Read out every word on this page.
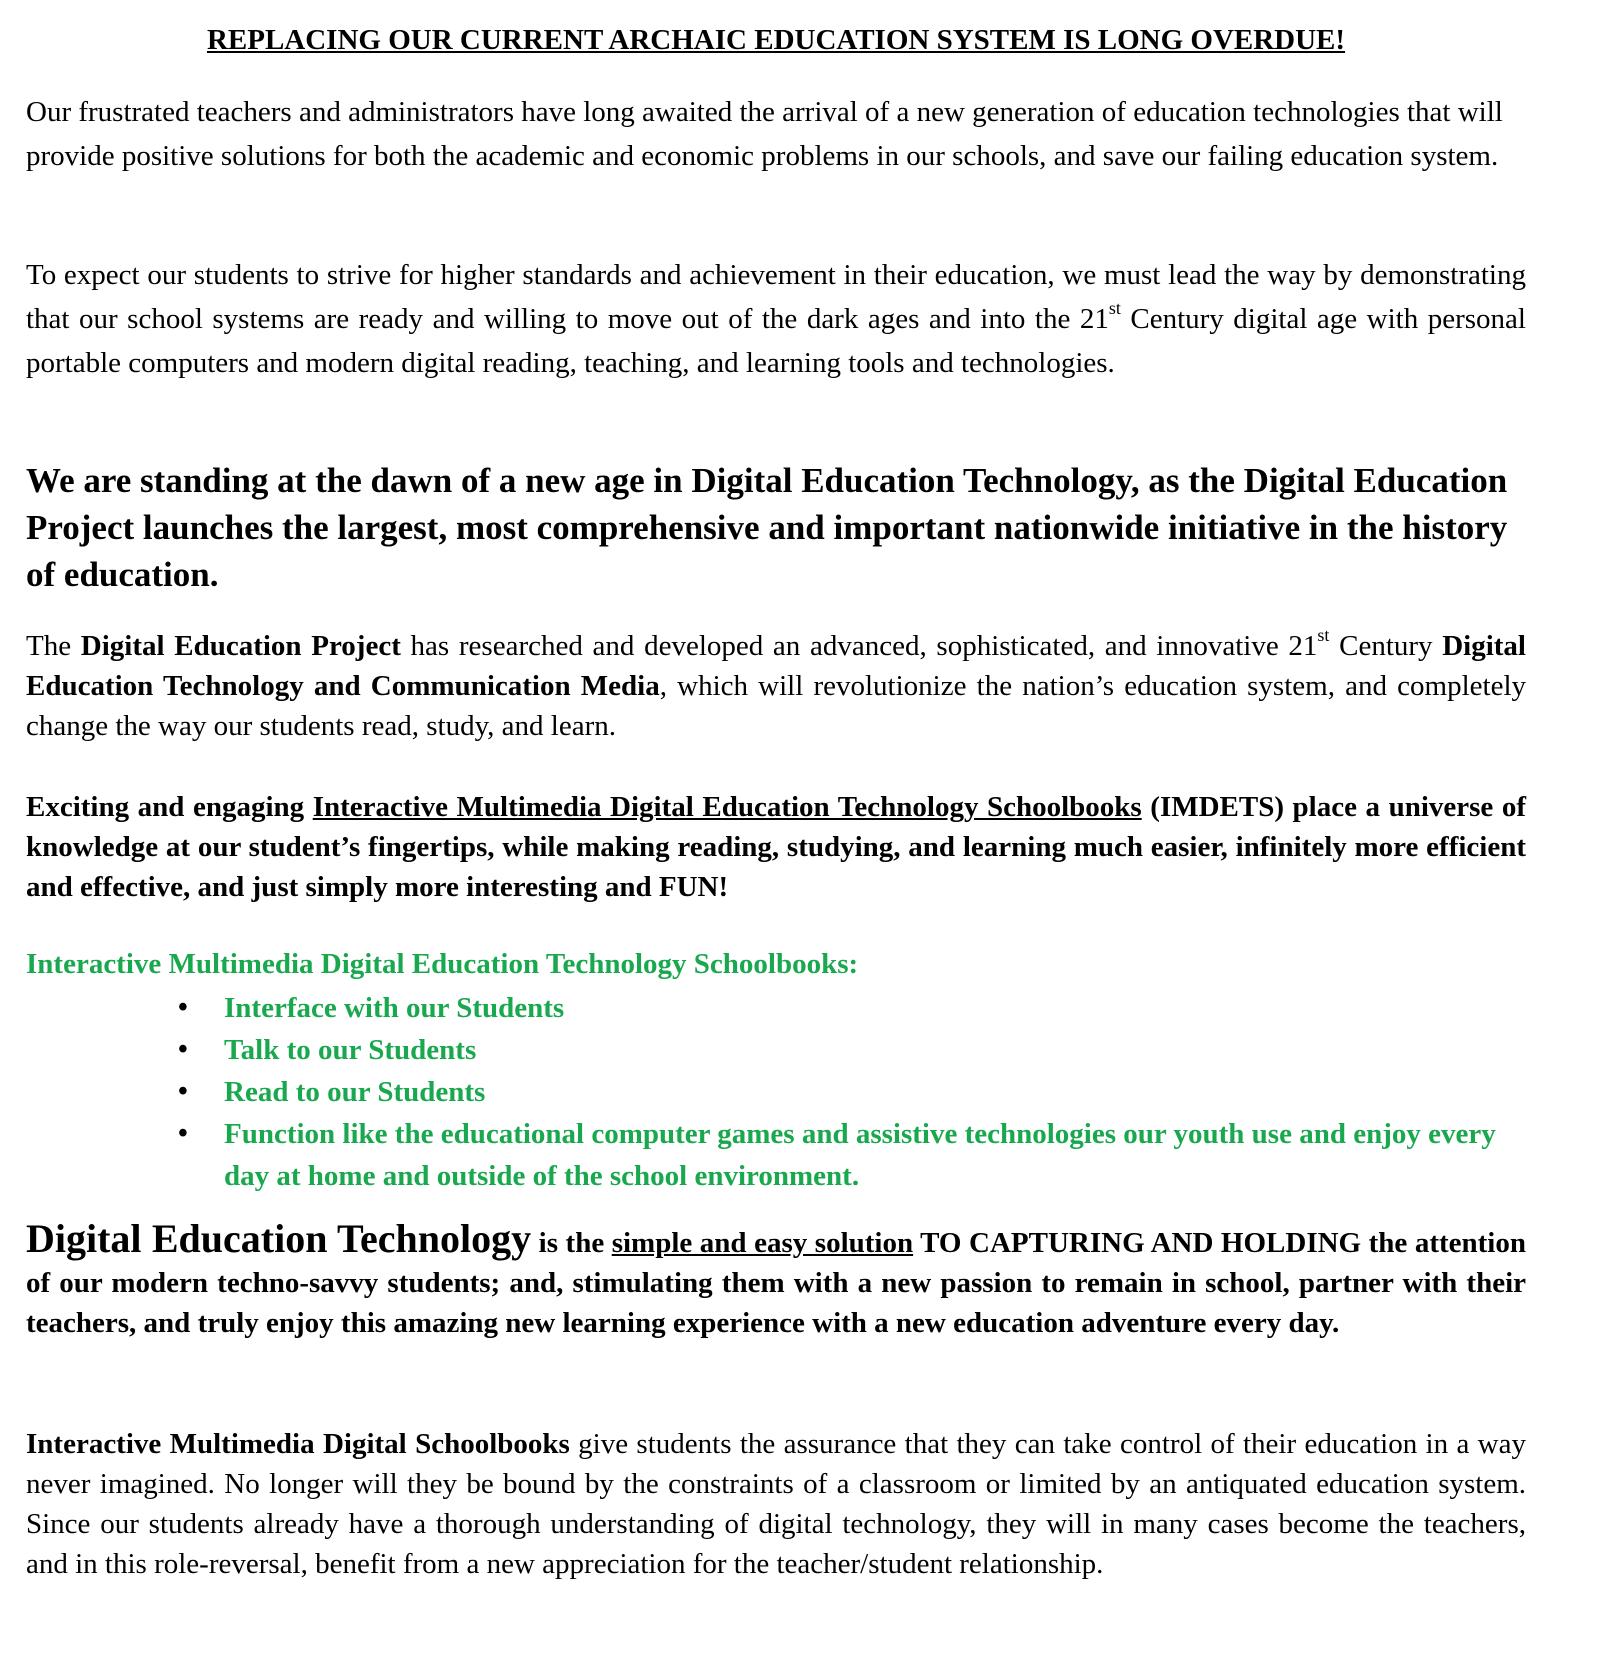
REPLACING OUR CURRENT ARCHAIC EDUCATION SYSTEM IS LONG OVERDUE!

Our frustrated teachers and administrators have long awaited the arrival of a new generation of education technologies that will provide positive solutions for both the academic and economic problems in our schools, and save our failing education system.

To expect our students to strive for higher standards and achievement in their education, we must lead the way by demonstrating that our school systems are ready and willing to move out of the dark ages and into the 21st Century digital age with personal portable computers and modern digital reading, teaching, and learning tools and technologies.

We are standing at the dawn of a new age in Digital Education Technology, as the Digital Education Project launches the largest, most comprehensive and important nationwide initiative in the history of education.

The Digital Education Project has researched and developed an advanced, sophisticated, and innovative 21st Century Digital Education Technology and Communication Media, which will revolutionize the nation’s education system, and completely change the way our students read, study, and learn.

Exciting and engaging Interactive Multimedia Digital Education Technology Schoolbooks (IMDETS) place a universe of knowledge at our student’s fingertips, while making reading, studying, and learning much easier, infinitely more efficient and effective, and just simply more interesting and FUN!

Interactive Multimedia Digital Education Technology Schoolbooks:
• Interface with our Students
• Talk to our Students
• Read to our Students
• Function like the educational computer games and assistive technologies our youth use and enjoy every day at home and outside of the school environment.

Digital Education Technology is the simple and easy solution TO CAPTURING AND HOLDING the attention of our modern techno-savvy students; and, stimulating them with a new passion to remain in school, partner with their teachers, and truly enjoy this amazing new learning experience with a new education adventure every day.

Interactive Multimedia Digital Schoolbooks give students the assurance that they can take control of their education in a way never imagined. No longer will they be bound by the constraints of a classroom or limited by an antiquated education system. Since our students already have a thorough understanding of digital technology, they will in many cases become the teachers, and in this role-reversal, benefit from a new appreciation for the teacher/student relationship.
